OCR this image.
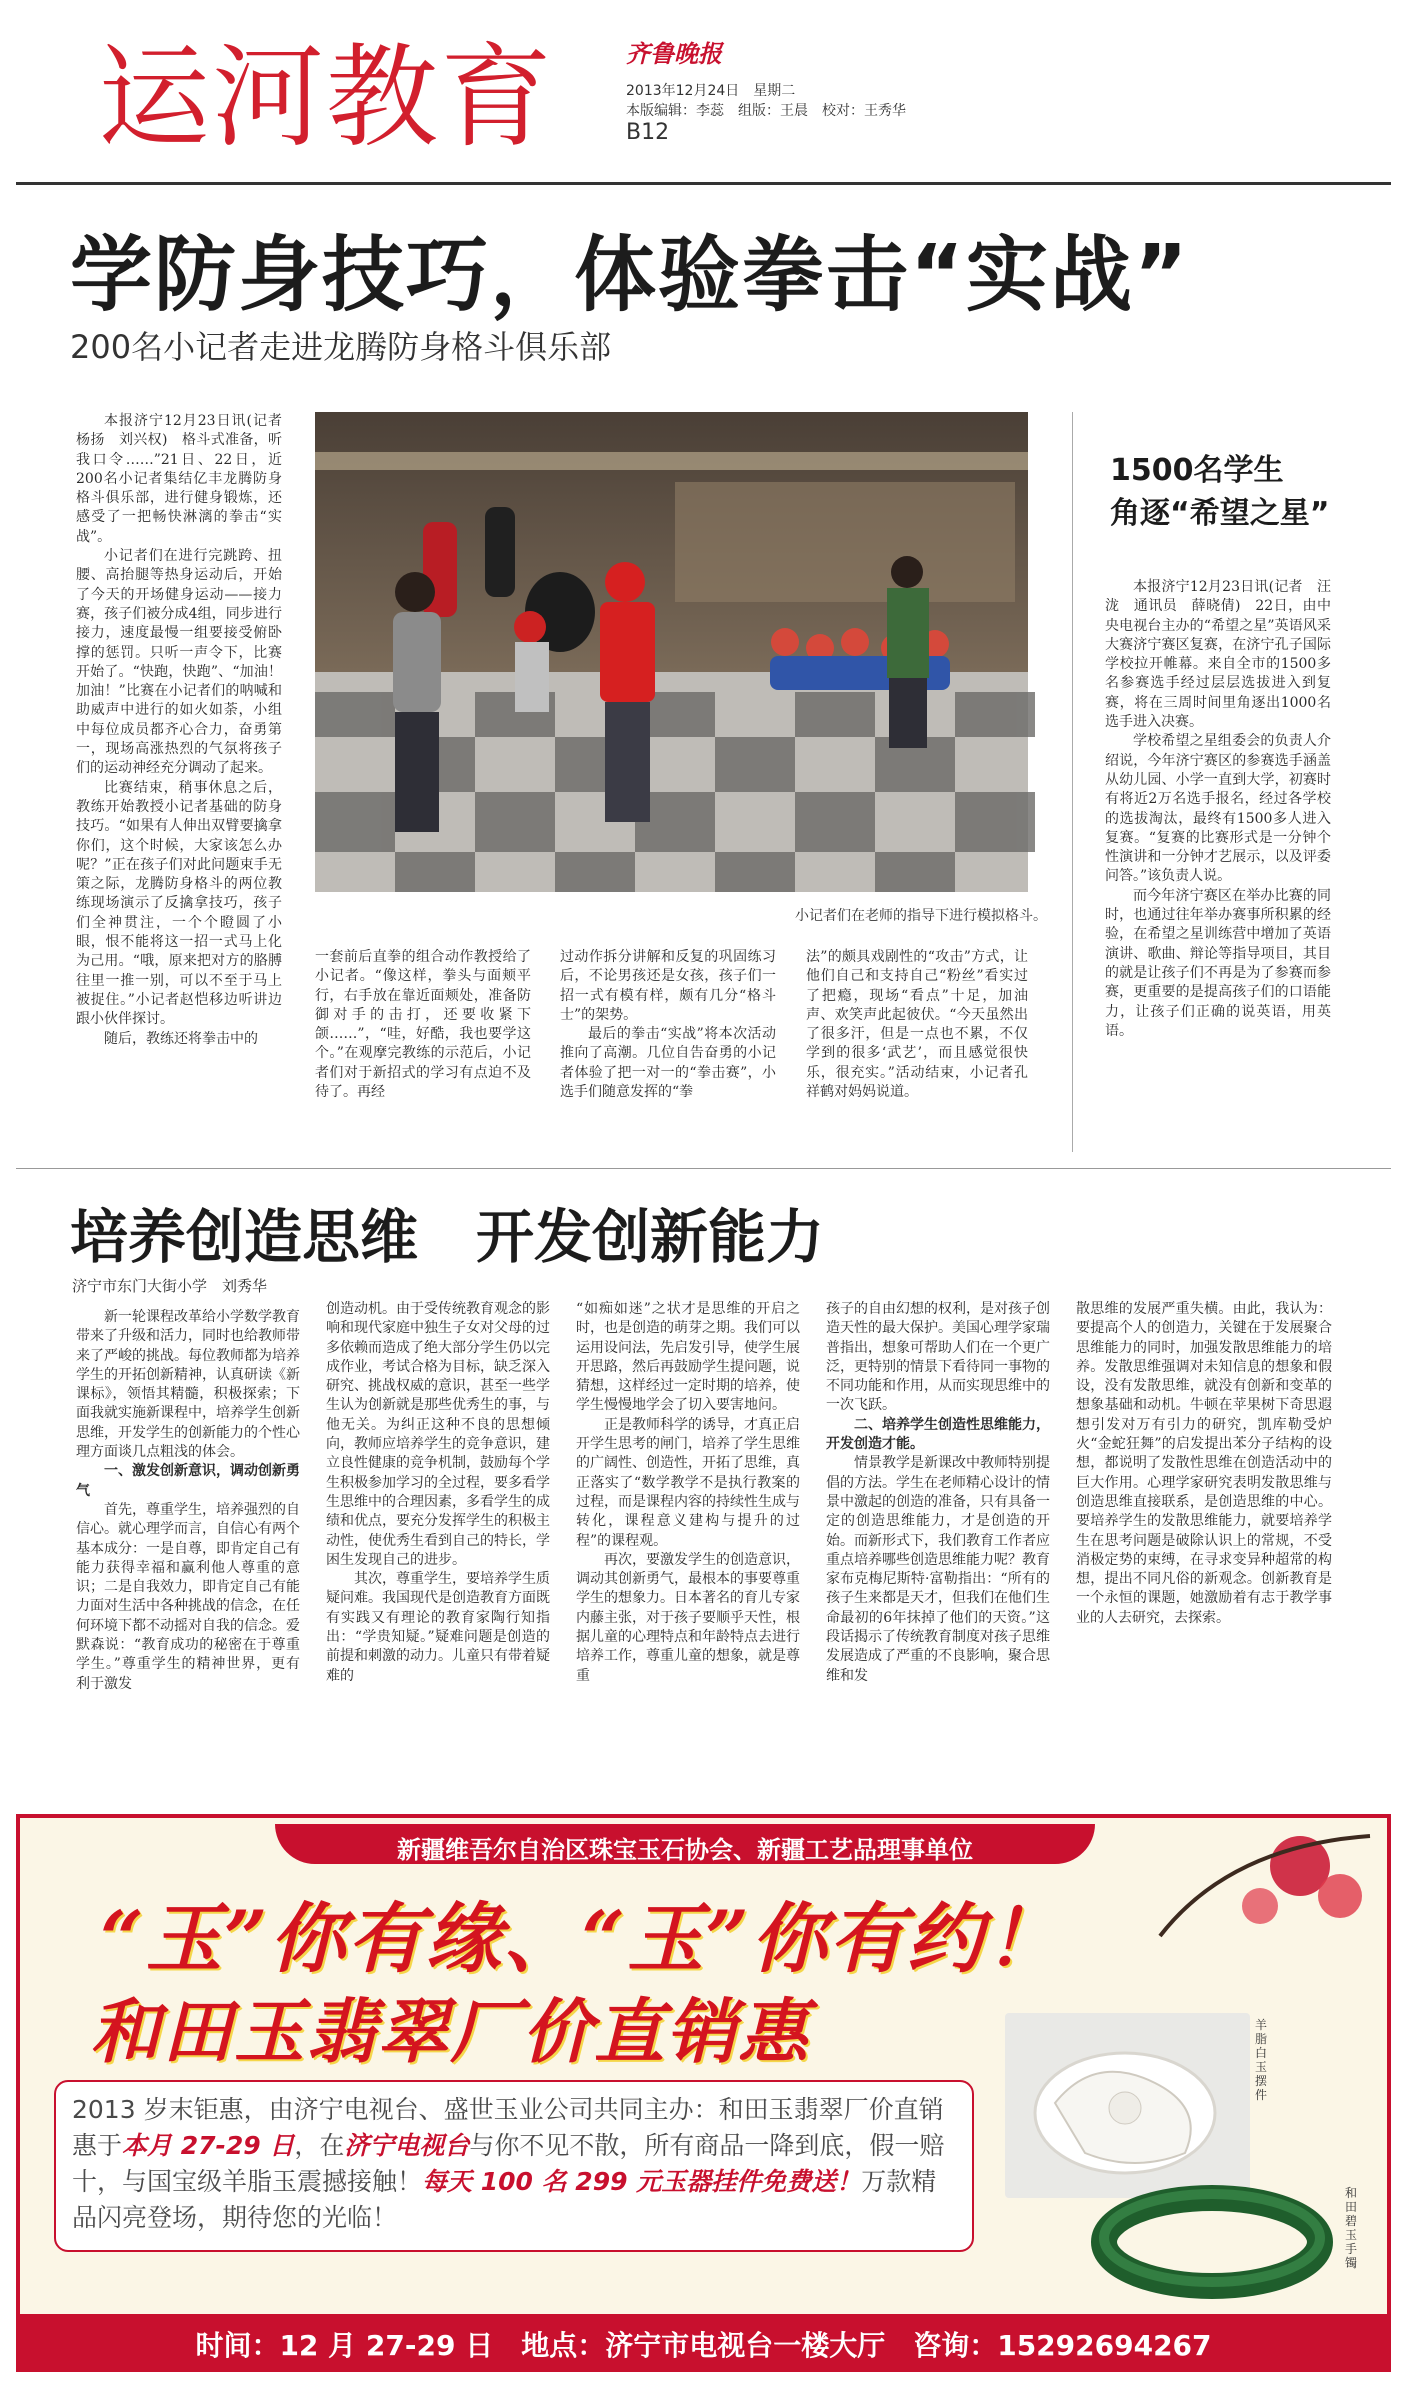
运河教育	齐鲁晚报
2013年12月24日　星期二
本版编辑：李蕊　组版：王晨　校对：王秀华
B12
学防身技巧，体验拳击“实战”
200名小记者走进龙腾防身格斗俱乐部

本报济宁12月23日讯(记者　杨扬　刘兴权)　格斗式准备，听我口令……”21日、22日，近200名小记者集结亿丰龙腾防身格斗俱乐部，进行健身锻炼，还感受了一把畅快淋漓的拳击“实战”。

小记者们在进行完跳跨、扭腰、高抬腿等热身运动后，开始了今天的开场健身运动——接力赛，孩子们被分成4组，同步进行接力，速度最慢一组要接受俯卧撑的惩罚。只听一声令下，比赛开始了。“快跑，快跑”、“加油！加油！”比赛在小记者们的呐喊和助威声中进行的如火如荼，小组中每位成员都齐心合力，奋勇第一，现场高涨热烈的气氛将孩子们的运动神经充分调动了起来。

比赛结束，稍事休息之后，教练开始教授小记者基础的防身技巧。“如果有人伸出双臂要擒拿你们，这个时候，大家该怎么办呢？”正在孩子们对此问题束手无策之际，龙腾防身格斗的两位教练现场演示了反擒拿技巧，孩子们全神贯注，一个个瞪圆了小眼，恨不能将这一招一式马上化为己用。“哦，原来把对方的胳膊往里一推一别，可以不至于马上被捉住。”小记者赵恺移边听讲边跟小伙伴探讨。

随后，教练还将拳击中的

小记者们在老师的指导下进行模拟格斗。

一套前后直拳的组合动作教授给了小记者。“像这样，拳头与面颊平行，右手放在靠近面颊处，准备防御对手的击打，还要收紧下颌……”，“哇，好酷，我也要学这个。”在观摩完教练的示范后，小记者们对于新招式的学习有点迫不及待了。再经

过动作拆分讲解和反复的巩固练习后，不论男孩还是女孩，孩子们一招一式有模有样，颇有几分“格斗士”的架势。

最后的拳击“实战”将本次活动推向了高潮。几位自告奋勇的小记者体验了把一对一的“拳击赛”，小选手们随意发挥的“拳

法”的颇具戏剧性的“攻击”方式，让他们自己和支持自己“粉丝”看实过了把瘾，现场“看点”十足，加油声、欢笑声此起彼伏。“今天虽然出了很多汗，但是一点也不累，不仅学到的很多‘武艺’，而且感觉很快乐，很充实。”活动结束，小记者孔祥鹤对妈妈说道。

1500名学生
角逐“希望之星”

本报济宁12月23日讯(记者　汪泷　通讯员　薛晓倩)　22日，由中央电视台主办的“希望之星”英语风采大赛济宁赛区复赛，在济宁孔子国际学校拉开帷幕。来自全市的1500多名参赛选手经过层层选拔进入到复赛，将在三周时间里角逐出1000名选手进入决赛。

学校希望之星组委会的负责人介绍说，今年济宁赛区的参赛选手涵盖从幼儿园、小学一直到大学，初赛时有将近2万名选手报名，经过各学校的选拔淘汰，最终有1500多人进入复赛。“复赛的比赛形式是一分钟个性演讲和一分钟才艺展示，以及评委问答。”该负责人说。

而今年济宁赛区在举办比赛的同时，也通过往年举办赛事所积累的经验，在希望之星训练营中增加了英语演讲、歌曲、辩论等指导项目，其目的就是让孩子们不再是为了参赛而参赛，更重要的是提高孩子们的口语能力，让孩子们正确的说英语，用英语。

培养创造思维　开发创新能力
济宁市东门大街小学　刘秀华

新一轮课程改革给小学数学教育带来了升级和活力，同时也给教师带来了严峻的挑战。每位教师都为培养学生的开拓创新精神，认真研读《新课标》，领悟其精髓，积极探索；下面我就实施新课程中，培养学生创新思维，开发学生的创新能力的个性心理方面谈几点粗浅的体会。

一、激发创新意识，调动创新勇气

首先，尊重学生，培养强烈的自信心。就心理学而言，自信心有两个基本成分：一是自尊，即肯定自己有能力获得幸福和赢利他人尊重的意识；二是自我效力，即肯定自己有能力面对生活中各种挑战的信念，在任何环境下都不动摇对自我的信念。爱默森说：“教育成功的秘密在于尊重学生。”尊重学生的精神世界，更有利于激发

创造动机。由于受传统教育观念的影响和现代家庭中独生子女对父母的过多依赖而造成了绝大部分学生仍以完成作业，考试合格为目标，缺乏深入研究、挑战权威的意识，甚至一些学生认为创新就是那些优秀生的事，与他无关。为纠正这种不良的思想倾向，教师应培养学生的竞争意识，建立良性健康的竞争机制，鼓励每个学生积极参加学习的全过程，要多看学生思维中的合理因素，多看学生的成绩和优点，要充分发挥学生的积极主动性，使优秀生看到自己的特长，学困生发现自己的进步。

其次，尊重学生，要培养学生质疑问难。我国现代是创造教育方面既有实践又有理论的教育家陶行知指出：“学贵知疑。”疑难问题是创造的前提和刺激的动力。儿童只有带着疑难的

“如痴如迷”之状才是思维的开启之时，也是创造的萌芽之期。我们可以运用设问法，先启发引导，使学生展开思路，然后再鼓励学生提问题，说猜想，这样经过一定时期的培养，使学生慢慢地学会了切入要害地问。

正是教师科学的诱导，才真正启开学生思考的闸门，培养了学生思维的广阔性、创造性，开拓了思维，真正落实了“数学教学不是执行教案的过程，而是课程内容的持续性生成与转化，课程意义建构与提升的过程”的课程观。

再次，要激发学生的创造意识，调动其创新勇气，最根本的事要尊重学生的想象力。日本著名的育儿专家内藤主张，对于孩子要顺乎天性，根据儿童的心理特点和年龄特点去进行培养工作，尊重儿童的想象，就是尊重

孩子的自由幻想的权利，是对孩子创造天性的最大保护。美国心理学家瑞普指出，想象可帮助人们在一个更广泛，更特别的情景下看待同一事物的不同功能和作用，从而实现思维中的一次飞跃。

二、培养学生创造性思维能力，开发创造才能。

情景教学是新课改中教师特别提倡的方法。学生在老师精心设计的情景中激起的创造的准备，只有具备一定的创造思维能力，才是创造的开始。而新形式下，我们教育工作者应重点培养哪些创造思维能力呢？教育家布克梅尼斯特·富勒指出：“所有的孩子生来都是天才，但我们在他们生命最初的6年抹掉了他们的天资。”这段话揭示了传统教育制度对孩子思维发展造成了严重的不良影响，聚合思维和发

散思维的发展严重失横。由此，我认为：要提高个人的创造力，关键在于发展聚合思维能力的同时，加强发散思维能力的培养。发散思维强调对未知信息的想象和假设，没有发散思维，就没有创新和变革的想象基础和动机。牛顿在苹果树下奇思遐想引发对万有引力的研究，凯库勒受炉火“金蛇狂舞”的启发提出苯分子结构的设想，都说明了发散性思维在创造活动中的巨大作用。心理学家研究表明发散思维与创造思维直接联系，是创造思维的中心。要培养学生的发散思维能力，就要培养学生在思考问题是破除认识上的常规，不受消极定势的束缚，在寻求变异种超常的构想，提出不同凡俗的新观念。创新教育是一个永恒的课题，她激励着有志于教学事业的人去研究，去探索。

新疆维吾尔自治区珠宝玉石协会、新疆工艺品理事单位
“玉”你有缘、“玉”你有约！
和田玉翡翠厂价直销惠
2013 岁末钜惠，由济宁电视台、盛世玉业公司共同主办：和田玉翡翠厂价直销惠于本月 27-29 日，在济宁电视台与你不见不散，所有商品一降到底，假一赔十，与国宝级羊脂玉震撼接触！每天 100 名 299 元玉器挂件免费送！万款精品闪亮登场，期待您的光临！
羊脂白玉摆件
和田碧玉手镯
时间：12 月 27-29 日　地点：济宁市电视台一楼大厅　咨询：15292694267
